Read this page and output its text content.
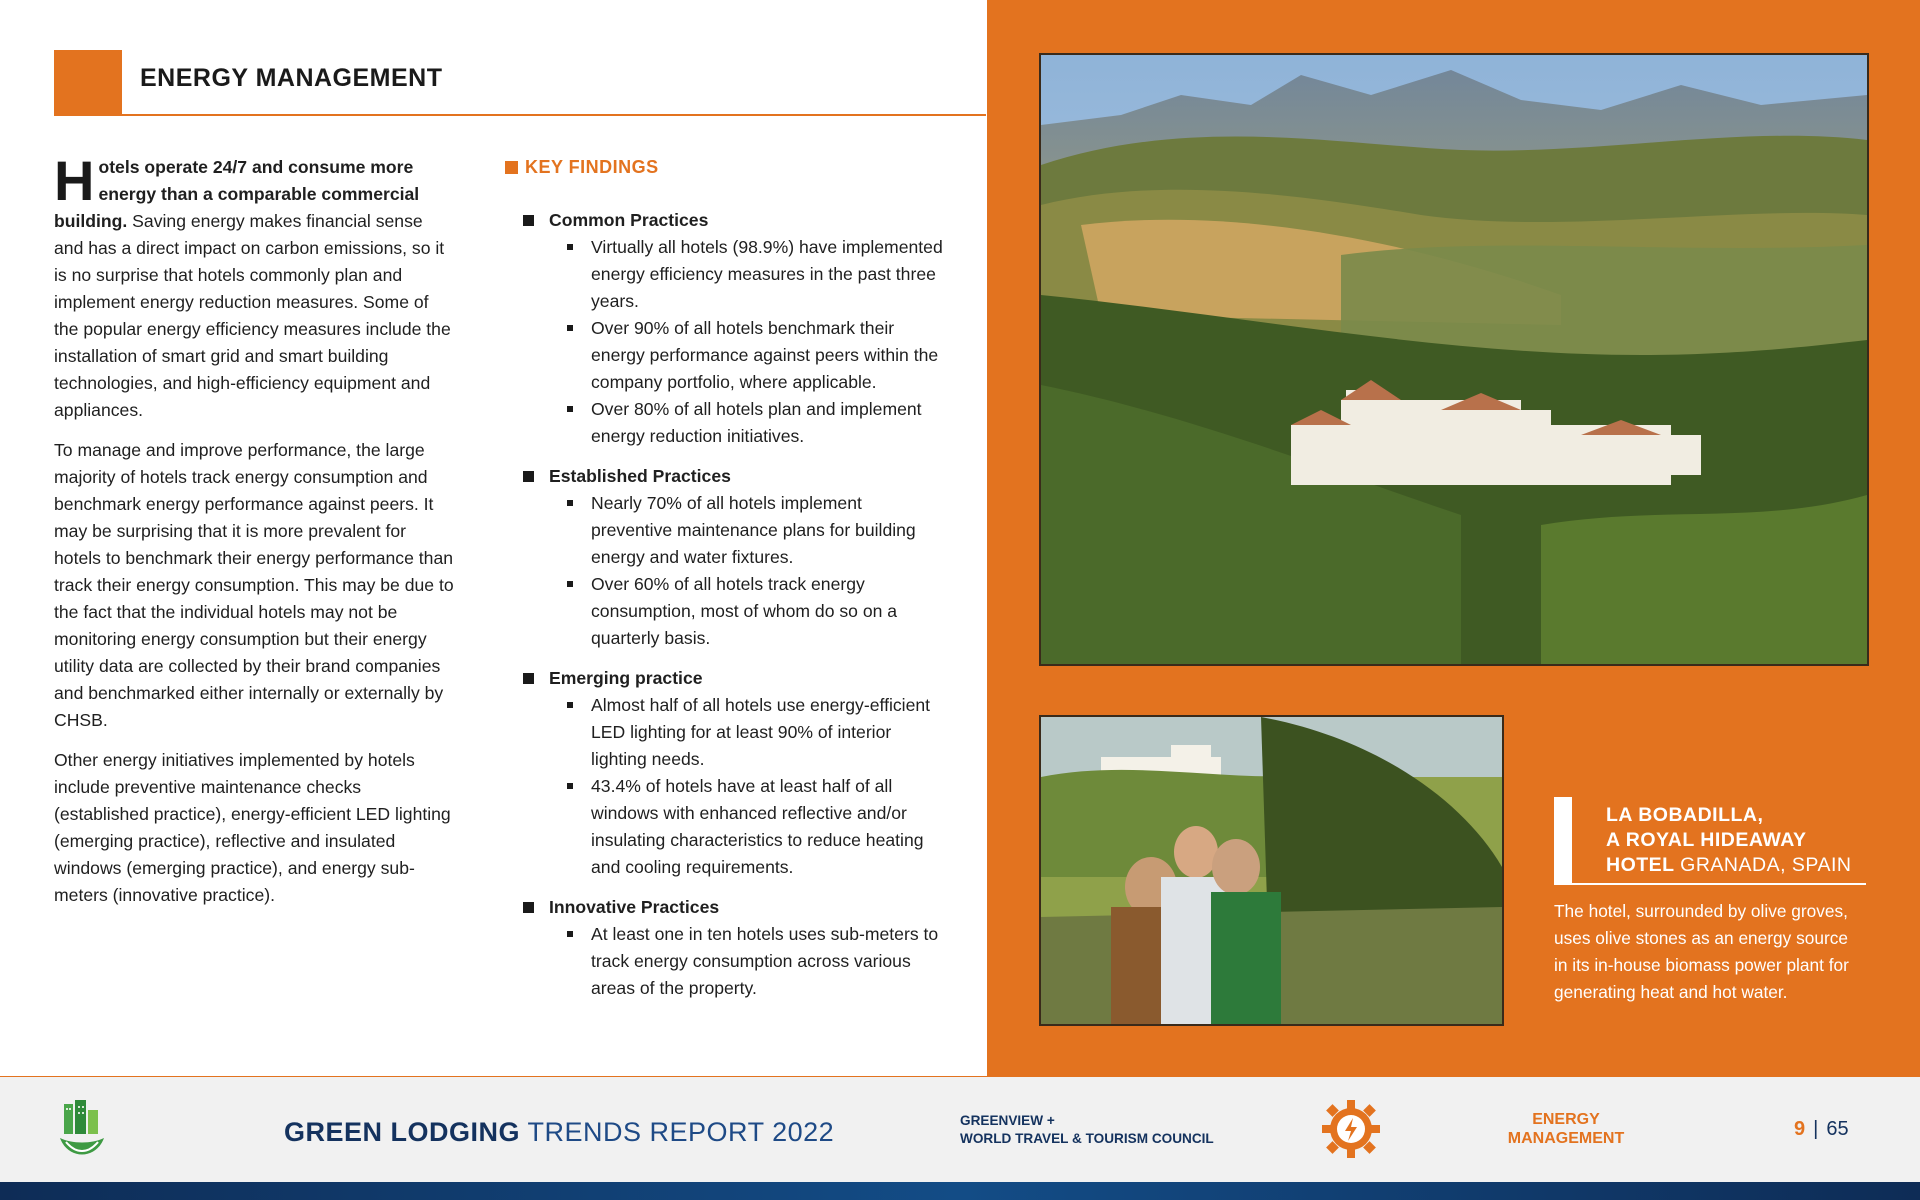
ENERGY MANAGEMENT

Hotels operate 24/7 and consume more energy than a comparable commercial building. Saving energy makes financial sense and has a direct impact on carbon emissions, so it is no surprise that hotels commonly plan and implement energy reduction measures. Some of the popular energy efficiency measures include the installation of smart grid and smart building technologies, and high-efficiency equipment and appliances.

To manage and improve performance, the large majority of hotels track energy consumption and benchmark energy performance against peers. It may be surprising that it is more prevalent for hotels to benchmark their energy performance than track their energy consumption. This may be due to the fact that the individual hotels may not be monitoring energy consumption but their energy utility data are collected by their brand companies and benchmarked either internally or externally by CHSB.

Other energy initiatives implemented by hotels include preventive maintenance checks (established practice), energy-efficient LED lighting (emerging practice), reflective and insulated windows (emerging practice), and energy sub-meters (innovative practice).

KEY FINDINGS
Common Practices
Virtually all hotels (98.9%) have implemented energy efficiency measures in the past three years.
Over 90% of all hotels benchmark their energy performance against peers within the company portfolio, where applicable.
Over 80% of all hotels plan and implement energy reduction initiatives.
Established Practices
Nearly 70% of all hotels implement preventive maintenance plans for building energy and water fixtures.
Over 60% of all hotels track energy consumption, most of whom do so on a quarterly basis.
Emerging practice
Almost half of all hotels use energy-efficient LED lighting for at least 90% of interior lighting needs.
43.4% of hotels have at least half of all windows with enhanced reflective and/or insulating characteristics to reduce heating and cooling requirements.
Innovative Practices
At least one in ten hotels uses sub-meters to track energy consumption across various areas of the property.
LA BOBADILLA,
A ROYAL HIDEAWAY
HOTEL GRANADA, SPAIN
The hotel, surrounded by olive groves, uses olive stones as an energy source in its in-house biomass power plant for generating heat and hot water.
GREEN LODGING TRENDS REPORT 2022	GREENVIEW +
WORLD TRAVEL & TOURISM COUNCIL
ENERGY
MANAGEMENT	9 | 65
